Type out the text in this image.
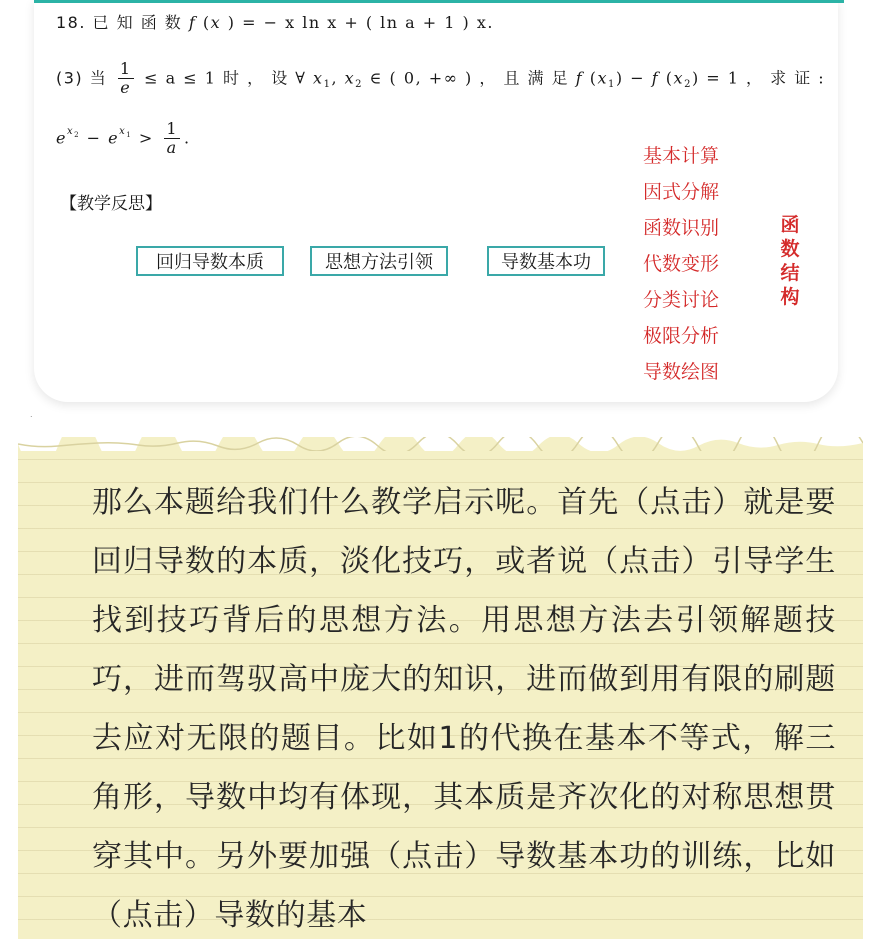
18. 已 知 函 数 f (x ) = − x ln x + ( ln a + 1 ) x.
(3) 当 $\frac{1}{e} \le a \le 1$ 时 ， 设 ∀ $x_1$, $x_2$ ∈ ( 0, +∞ ) ， 且 满 足 f $(x_1) - f$ $(x_2) = 1$ ， 求 证 :
$e^{x2} - e^{x1} > \frac{1}{a}$ .
【教学反思】
回归导数本质	思想方法引领	导数基本功
基本计算
因式分解
函数识别
代数变形
分类讨论
极限分析
导数绘图
函数结构
.

那么本题给我们什么教学启示呢。首先（点击）就是要回归导数的本质，淡化技巧，或者说（点击）引导学生找到技巧背后的思想方法。用思想方法去引领解题技巧，进而驾驭高中庞大的知识，进而做到用有限的刷题去应对无限的题目。比如1的代换在基本不等式，解三角形，导数中均有体现，其本质是齐次化的对称思想贯穿其中。另外要加强（点击）导数基本功的训练，比如（点击）导数的基本
